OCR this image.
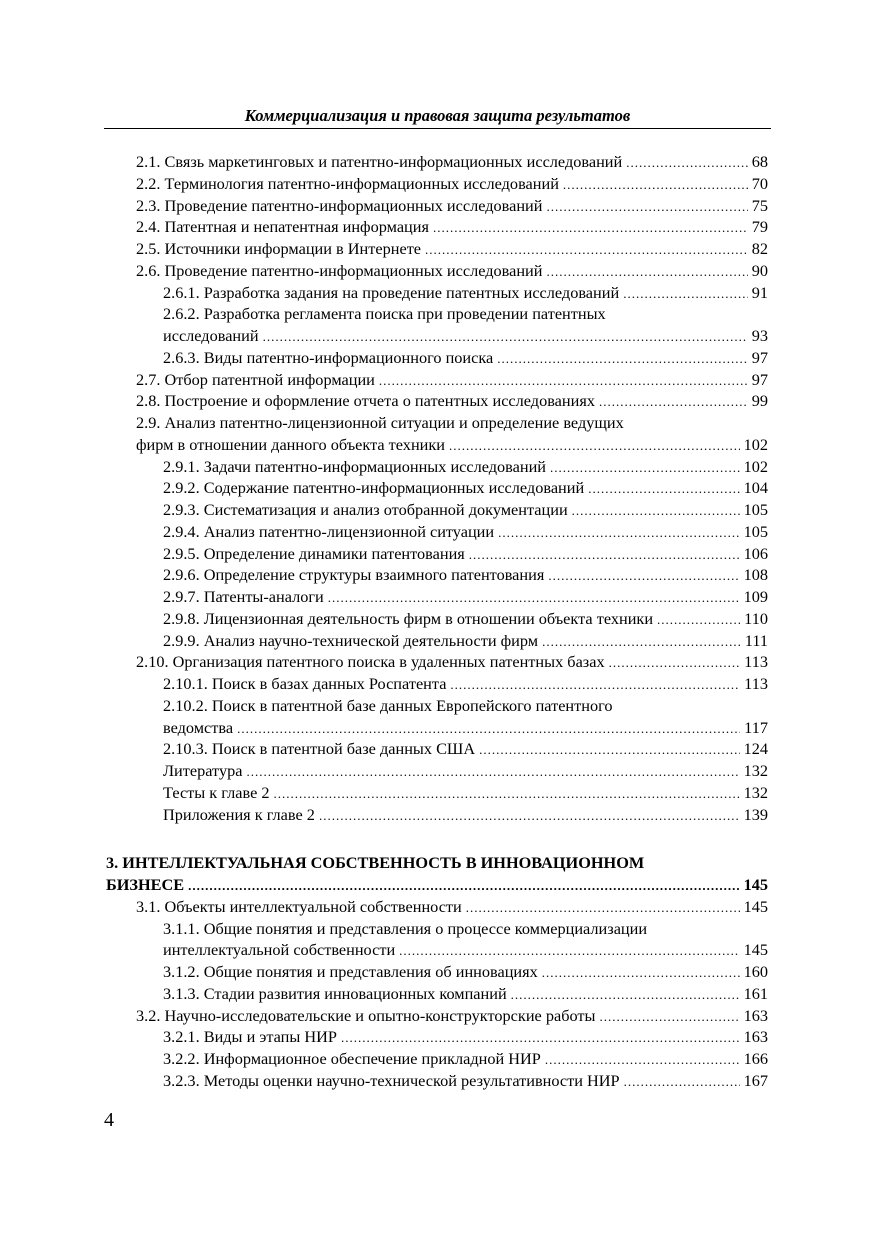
Коммерциализация и правовая защита результатов
2.1. Связь маркетинговых и патентно-информационных исследований .....	68
2.2. Терминология патентно-информационных исследований .....	70
2.3. Проведение патентно-информационных исследований .....	75
2.4. Патентная и непатентная информация .....	79
2.5. Источники информации в Интернете .....	82
2.6. Проведение патентно-информационных исследований .....	90
2.6.1. Разработка задания на проведение патентных исследований .....	91
2.6.2. Разработка регламента поиска при проведении патентных
исследований .....	93
2.6.3. Виды патентно-информационного поиска .....	97
2.7. Отбор патентной информации .....	97
2.8. Построение и оформление отчета о патентных исследованиях .....	99
2.9. Анализ патентно-лицензионной ситуации и определение ведущих
фирм в отношении данного объекта техники .....	102
2.9.1. Задачи патентно-информационных исследований .....	102
2.9.2. Содержание патентно-информационных исследований .....	104
2.9.3. Систематизация и анализ отобранной документации .....	105
2.9.4. Анализ патентно-лицензионной ситуации .....	105
2.9.5. Определение динамики патентования .....	106
2.9.6. Определение структуры взаимного патентования .....	108
2.9.7. Патенты-аналоги .....	109
2.9.8. Лицензионная деятельность фирм в отношении объекта техники .....	110
2.9.9. Анализ научно-технической деятельности фирм .....	111
2.10. Организация патентного поиска в удаленных патентных базах .....	113
2.10.1. Поиск в базах данных Роспатента .....	113
2.10.2. Поиск в патентной базе данных Европейского патентного
ведомства .....	117
2.10.3. Поиск в патентной базе данных США .....	124
Литература .....	132
Тесты к главе 2 .....	132
Приложения к главе 2 .....	139
3. ИНТЕЛЛЕКТУАЛЬНАЯ СОБСТВЕННОСТЬ В ИННОВАЦИОННОМ
БИЗНЕСЕ .....	145
3.1. Объекты интеллектуальной собственности .....	145
3.1.1. Общие понятия и представления о процессе коммерциализации
интеллектуальной собственности .....	145
3.1.2. Общие понятия и представления об инновациях .....	160
3.1.3. Стадии развития инновационных компаний .....	161
3.2. Научно-исследовательские и опытно-конструкторские работы .....	163
3.2.1. Виды и этапы НИР .....	163
3.2.2. Информационное обеспечение прикладной НИР .....	166
3.2.3. Методы оценки научно-технической результативности НИР .....	167
4
